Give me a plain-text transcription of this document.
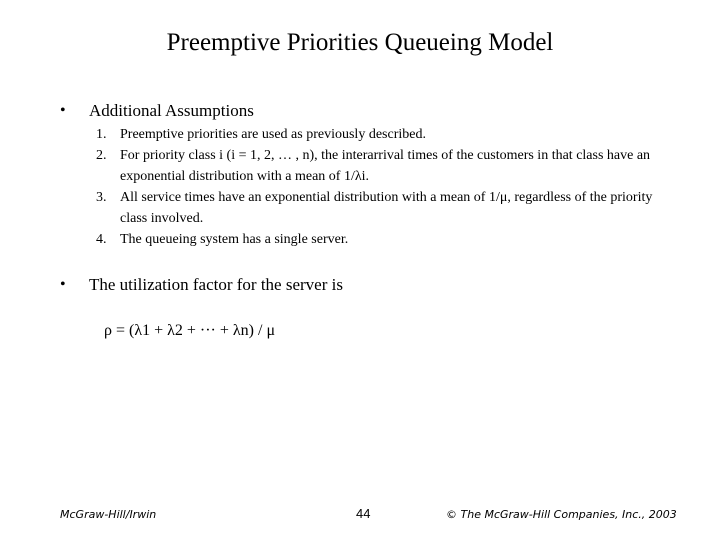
Preemptive Priorities Queueing Model
• Additional Assumptions
1. Preemptive priorities are used as previously described.
2. For priority class i (i = 1, 2, … , n), the interarrival times of the customers in that class have an exponential distribution with a mean of 1/λi.
3. All service times have an exponential distribution with a mean of 1/μ, regardless of the priority class involved.
4. The queueing system has a single server.
• The utilization factor for the server is
ρ = (λ1 + λ2 + ··· + λn) / μ
McGraw-Hill/Irwin	44	© The McGraw-Hill Companies, Inc., 2003
